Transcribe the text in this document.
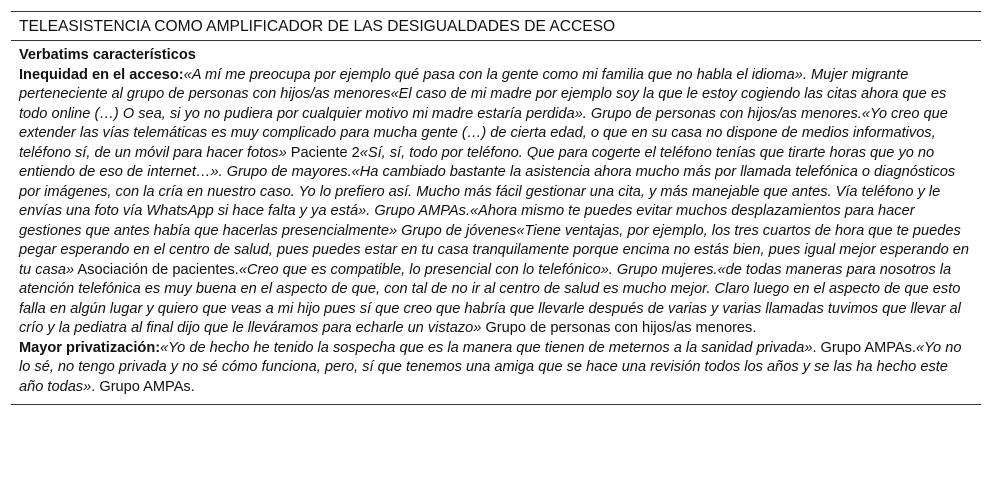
TELEASISTENCIA COMO AMPLIFICADOR DE LAS DESIGUALDADES DE ACCESO

Verbatims característicos

Inequidad en el acceso:«A mí me preocupa por ejemplo qué pasa con la gente como mi familia que no habla el idioma». Mujer migrante perteneciente al grupo de personas con hijos/as menores«El caso de mi madre por ejemplo soy la que le estoy cogiendo las citas ahora que es todo online (…) O sea, si yo no pudiera por cualquier motivo mi madre estaría perdida». Grupo de personas con hijos/as menores.«Yo creo que extender las vías telemáticas es muy complicado para mucha gente (…) de cierta edad, o que en su casa no dispone de medios informativos, teléfono sí, de un móvil para hacer fotos» Paciente 2«Sí, sí, todo por teléfono. Que para cogerte el teléfono tenías que tirarte horas que yo no entiendo de eso de internet…». Grupo de mayores.«Ha cambiado bastante la asistencia ahora mucho más por llamada telefónica o diagnósticos por imágenes, con la cría en nuestro caso. Yo lo prefiero así. Mucho más fácil gestionar una cita, y más manejable que antes. Vía teléfono y le envías una foto vía WhatsApp si hace falta y ya está». Grupo AMPAs.«Ahora mismo te puedes evitar muchos desplazamientos para hacer gestiones que antes había que hacerlas presencialmente» Grupo de jóvenes«Tiene ventajas, por ejemplo, los tres cuartos de hora que te puedes pegar esperando en el centro de salud, pues puedes estar en tu casa tranquilamente porque encima no estás bien, pues igual mejor esperando en tu casa» Asociación de pacientes.«Creo que es compatible, lo presencial con lo telefónico». Grupo mujeres.«de todas maneras para nosotros la atención telefónica es muy buena en el aspecto de que, con tal de no ir al centro de salud es mucho mejor. Claro luego en el aspecto de que esto falla en algún lugar y quiero que veas a mi hijo pues sí que creo que habría que llevarle después de varias y varias llamadas tuvimos que llevar al crío y la pediatra al final dijo que le lleváramos para echarle un vistazo» Grupo de personas con hijos/as menores.

Mayor privatización:«Yo de hecho he tenido la sospecha que es la manera que tienen de meternos a la sanidad privada». Grupo AMPAs.«Yo no lo sé, no tengo privada y no sé cómo funciona, pero, sí que tenemos una amiga que se hace una revisión todos los años y se las ha hecho este año todas». Grupo AMPAs.
